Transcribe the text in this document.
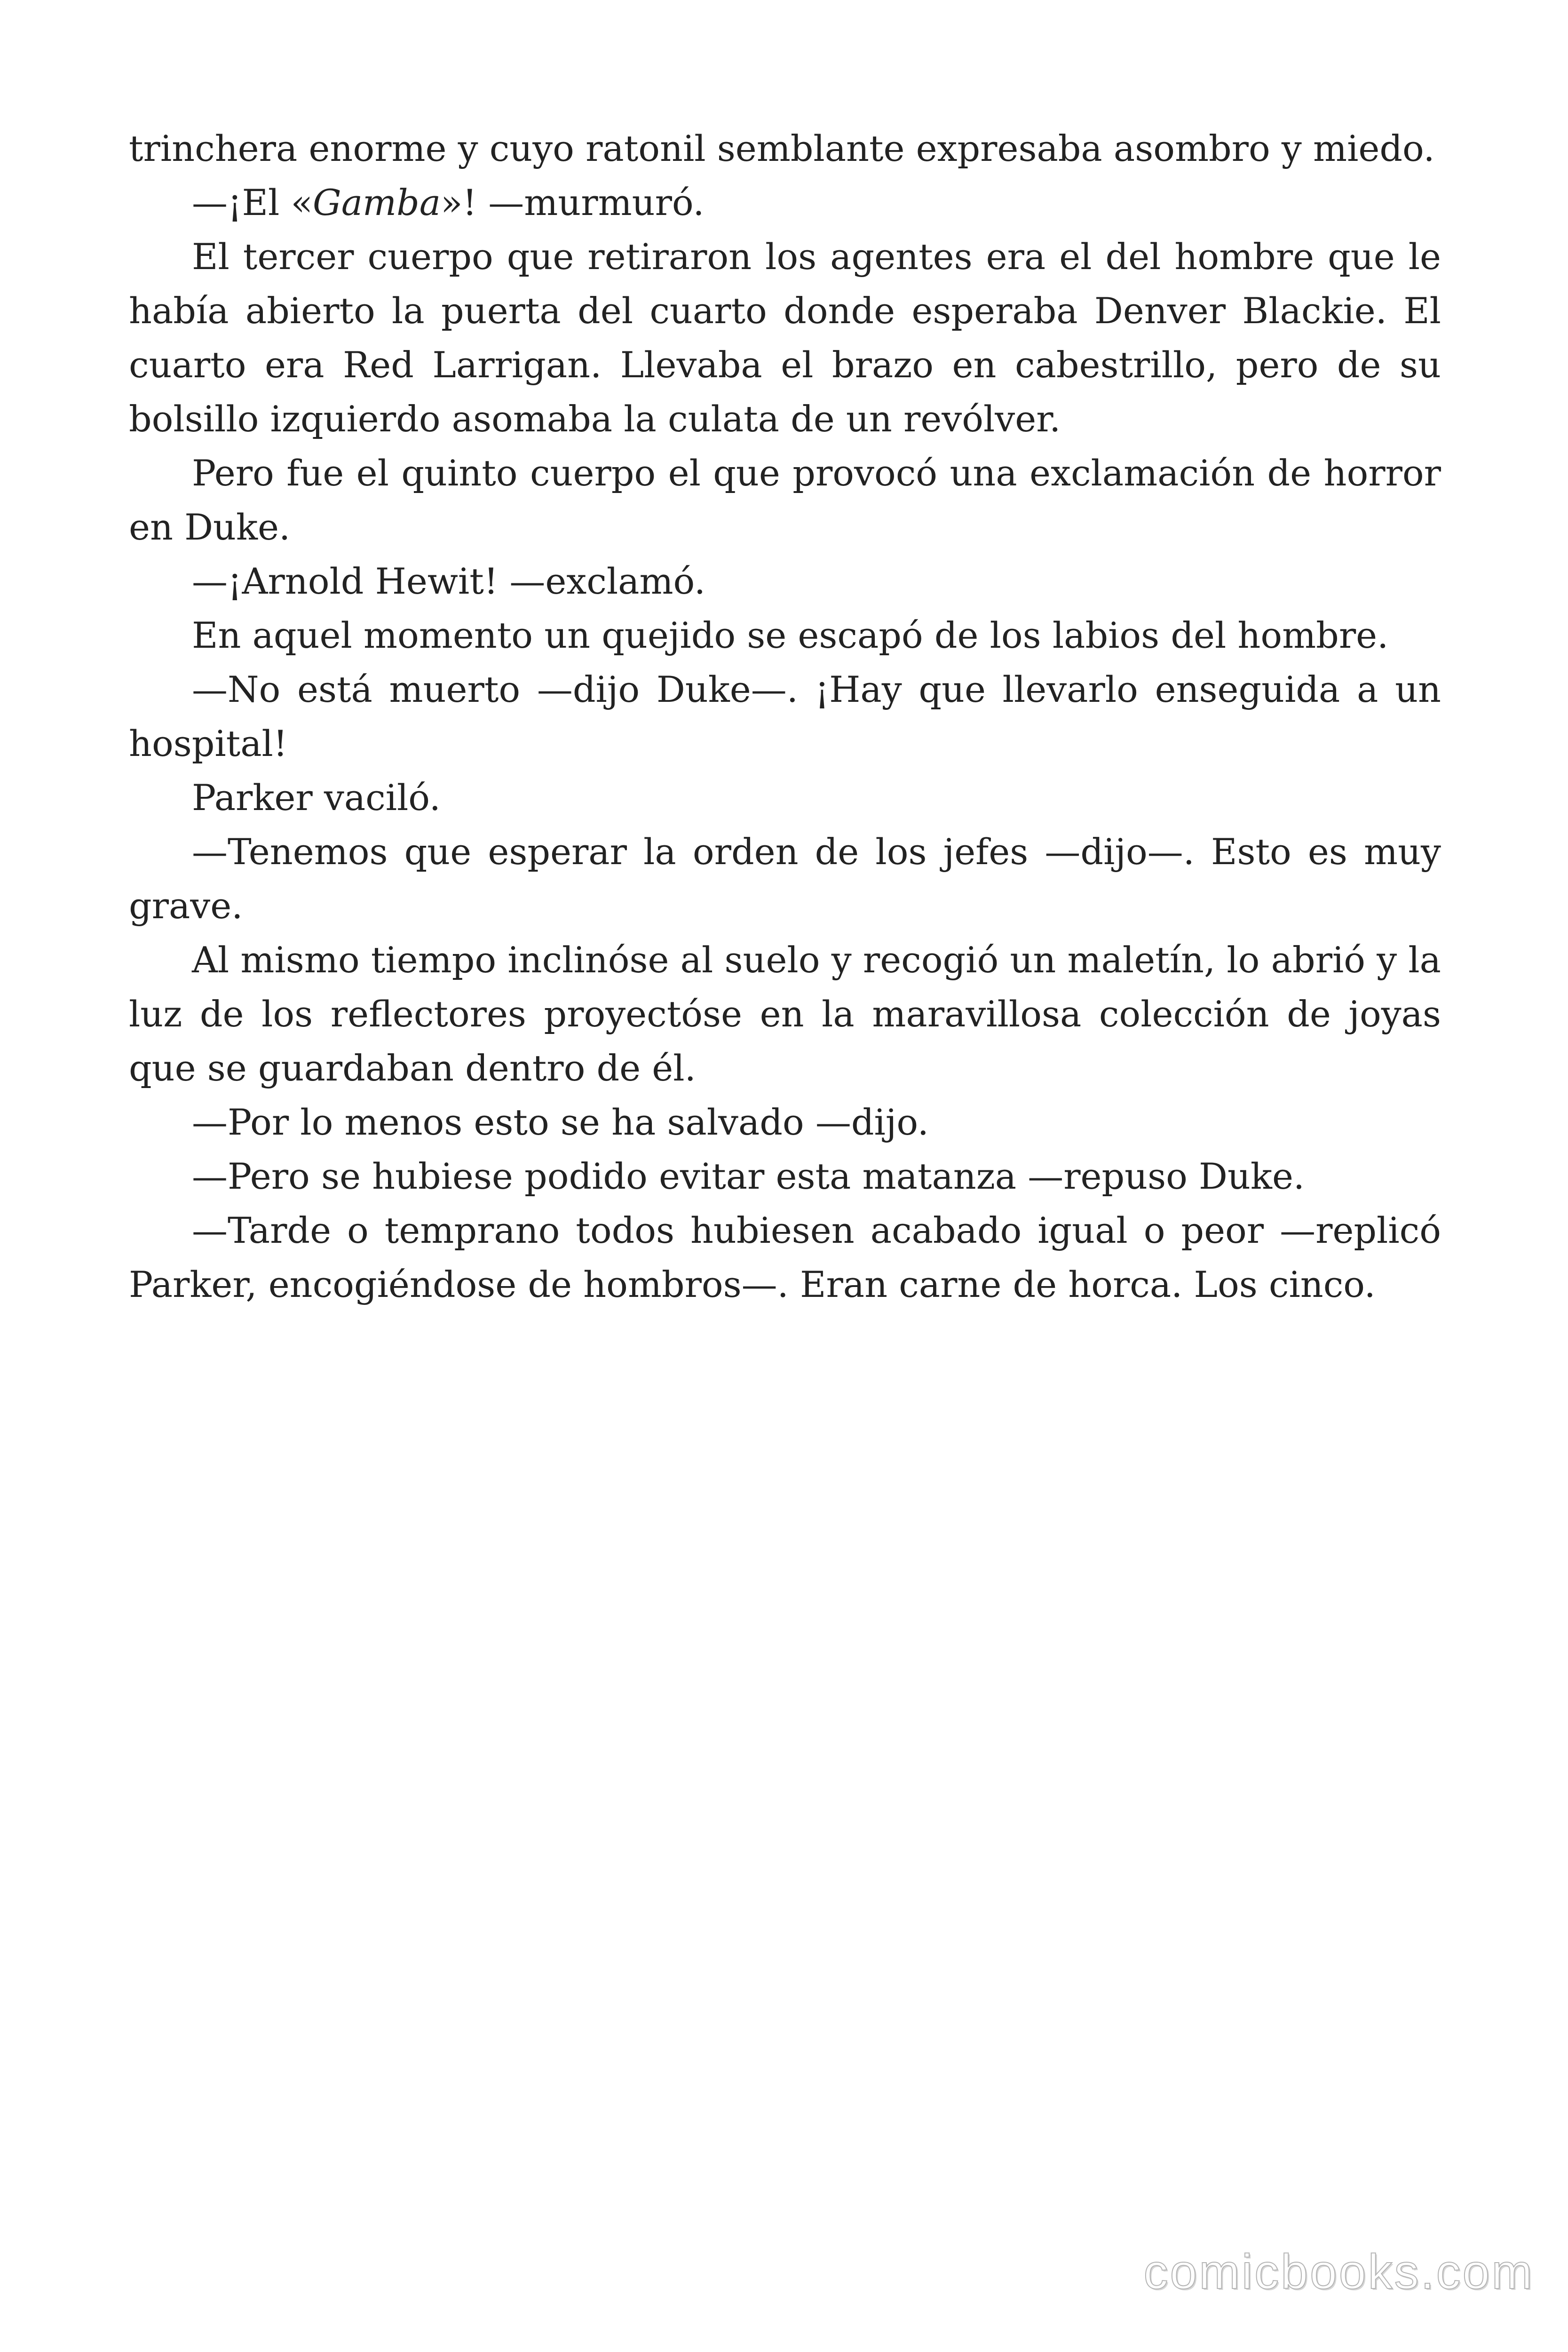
trinchera enorme y cuyo ratonil semblante expresaba asombro y miedo.

—¡El «Gamba»! —murmuró.

El tercer cuerpo que retiraron los agentes era el del hombre que le había abierto la puerta del cuarto donde esperaba Denver Blackie. El cuarto era Red Larrigan. Llevaba el brazo en cabestrillo, pero de su bolsillo izquierdo asomaba la culata de un revólver.

Pero fue el quinto cuerpo el que provocó una exclamación de horror en Duke.

—¡Arnold Hewit! —exclamó.

En aquel momento un quejido se escapó de los labios del hombre.

—No está muerto —dijo Duke—. ¡Hay que llevarlo enseguida a un hospital!

Parker vaciló.

—Tenemos que esperar la orden de los jefes —dijo—. Esto es muy grave.

Al mismo tiempo inclinóse al suelo y recogió un maletín, lo abrió y la luz de los reflectores proyectóse en la maravillosa colección de joyas que se guardaban dentro de él.

—Por lo menos esto se ha salvado —dijo.

—Pero se hubiese podido evitar esta matanza —repuso Duke.

—Tarde o temprano todos hubiesen acabado igual o peor —replicó Parker, encogiéndose de hombros—. Eran carne de horca. Los cinco.

comicbooks.com
